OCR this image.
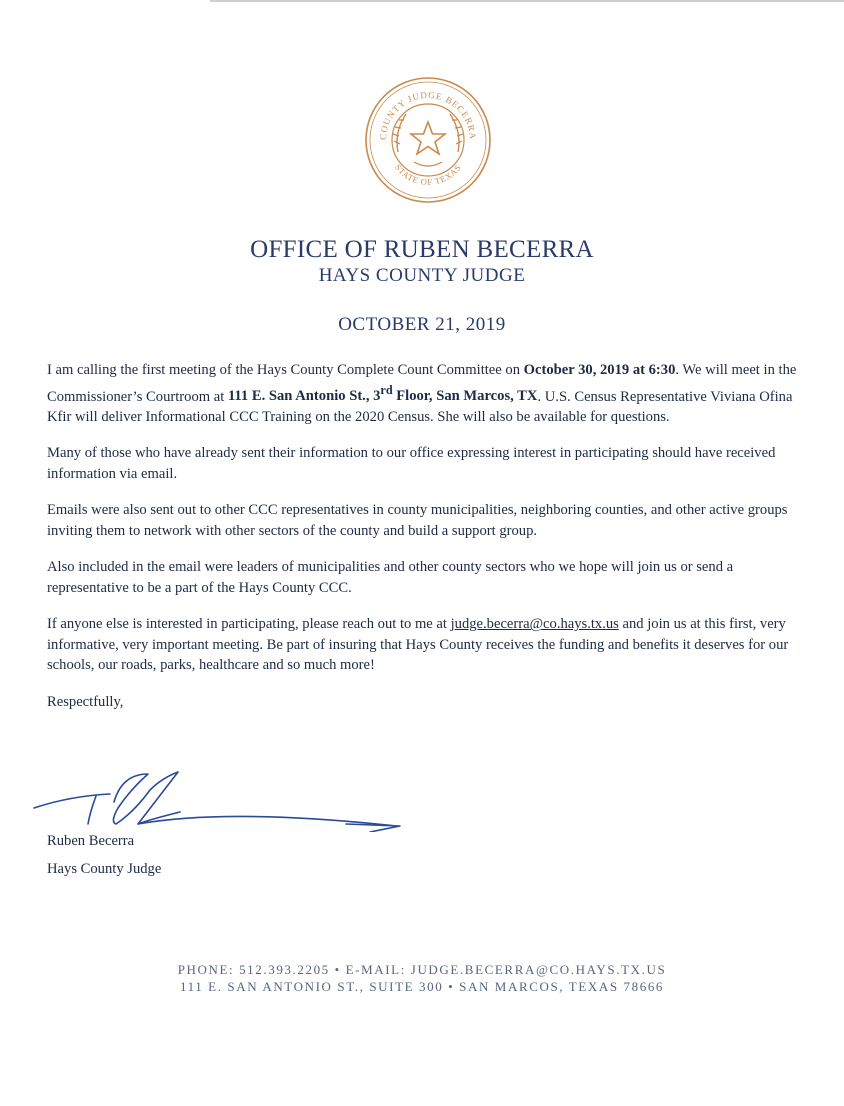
COUNTY JUDGE BECERRA
STATE OF TEXAS
OFFICE OF RUBEN BECERRA
HAYS COUNTY JUDGE
OCTOBER 21, 2019

I am calling the first meeting of the Hays County Complete Count Committee on October 30, 2019 at 6:30. We will meet in the Commissioner’s Courtroom at 111 E. San Antonio St., 3rd Floor, San Marcos, TX. U.S. Census Representative Viviana Ofina Kfir will deliver Informational CCC Training on the 2020 Census. She will also be available for questions.

Many of those who have already sent their information to our office expressing interest in participating should have received information via email.

Emails were also sent out to other CCC representatives in county municipalities, neighboring counties, and other active groups inviting them to network with other sectors of the county and build a support group.

Also included in the email were leaders of municipalities and other county sectors who we hope will join us or send a representative to be a part of the Hays County CCC.

If anyone else is interested in participating, please reach out to me at judge.becerra@co.hays.tx.us and join us at this first, very informative, very important meeting. Be part of insuring that Hays County receives the funding and benefits it deserves for our schools, our roads, parks, healthcare and so much more!

Respectfully,

Ruben Becerra
Hays County Judge
PHONE: 512.393.2205 • E-MAIL: JUDGE.BECERRA@CO.HAYS.TX.US
111 E. SAN ANTONIO ST., SUITE 300 • SAN MARCOS, TEXAS 78666
